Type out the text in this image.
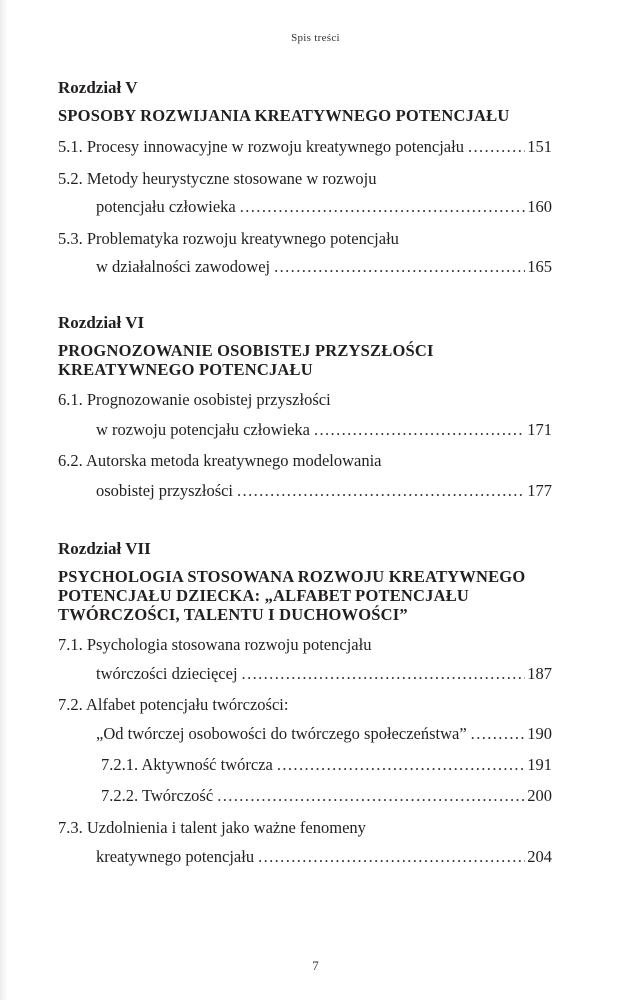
Spis treści
Rozdział V
SPOSOBY ROZWIJANIA KREATYWNEGO POTENCJAŁU
5.1. Procesy innowacyjne w rozwoju kreatywnego potencjału .....	151
5.2. Metody heurystyczne stosowane w rozwoju
potencjału człowieka .....	160
5.3. Problematyka rozwoju kreatywnego potencjału
w działalności zawodowej .....	165
Rozdział VI
PROGNOZOWANIE OSOBISTEJ PRZYSZŁOŚCI
KREATYWNEGO POTENCJAŁU
6.1. Prognozowanie osobistej przyszłości
w rozwoju potencjału człowieka .....	171
6.2. Autorska metoda kreatywnego modelowania
osobistej przyszłości .....	177
Rozdział VII
PSYCHOLOGIA STOSOWANA ROZWOJU KREATYWNEGO
POTENCJAŁU DZIECKA: „ALFABET POTENCJAŁU
TWÓRCZOŚCI, TALENTU I DUCHOWOŚCI”
7.1. Psychologia stosowana rozwoju potencjału
twórczości dziecięcej .....	187
7.2. Alfabet potencjału twórczości:
„Od twórczej osobowości do twórczego społeczeństwa” .....	190
7.2.1. Aktywność twórcza .....	191
7.2.2. Twórczość .....	200
7.3. Uzdolnienia i talent jako ważne fenomeny
kreatywnego potencjału .....	204
7
